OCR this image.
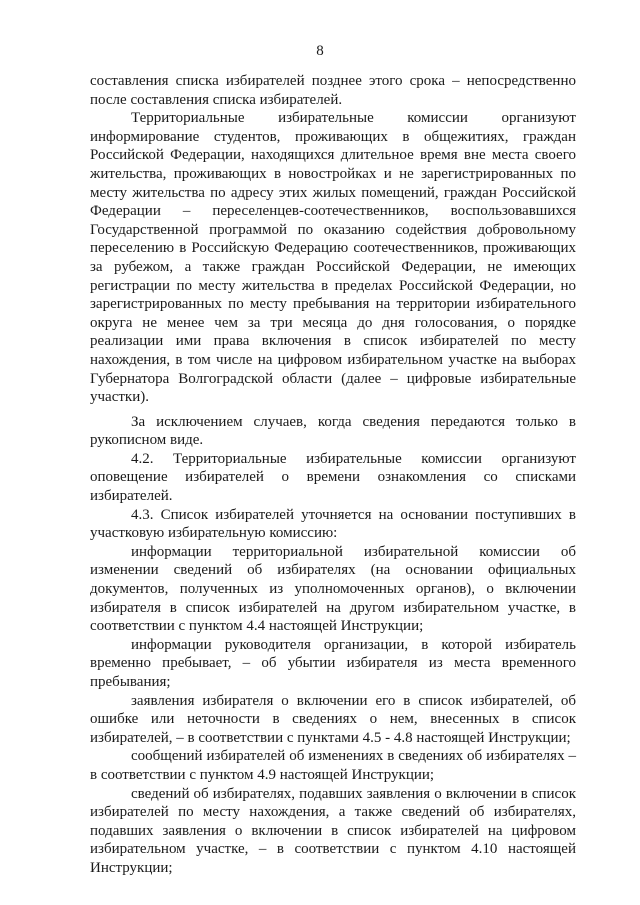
8

составления списка избирателей позднее этого срока – непосредственно после составления списка избирателей.

Территориальные избирательные комиссии организуют информирование студентов, проживающих в общежитиях, граждан Российской Федерации, находящихся длительное время вне места своего жительства, проживающих в новостройках и не зарегистрированных по месту жительства по адресу этих жилых помещений, граждан Российской Федерации – переселенцев-соотечественников, воспользовавшихся Государственной программой по оказанию содействия добровольному переселению в Российскую Федерацию соотечественников, проживающих за рубежом, а также граждан Российской Федерации, не имеющих регистрации по месту жительства в пределах Российской Федерации, но зарегистрированных по месту пребывания на территории избирательного округа не менее чем за три месяца до дня голосования, о порядке реализации ими права включения в список избирателей по месту нахождения, в том числе на цифровом избирательном участке на выборах Губернатора Волгоградской области (далее – цифровые избирательные участки).

За исключением случаев, когда сведения передаются только в рукописном виде.

4.2. Территориальные избирательные комиссии организуют оповещение избирателей о времени ознакомления со списками избирателей.

4.3. Список избирателей уточняется на основании поступивших в участковую избирательную комиссию:

информации территориальной избирательной комиссии об изменении сведений об избирателях (на основании официальных документов, полученных из уполномоченных органов), о включении избирателя в список избирателей на другом избирательном участке, в соответствии с пунктом 4.4 настоящей Инструкции;

информации руководителя организации, в которой избиратель временно пребывает, – об убытии избирателя из места временного пребывания;

заявления избирателя о включении его в список избирателей, об ошибке или неточности в сведениях о нем, внесенных в список избирателей, – в соответствии с пунктами 4.5 - 4.8 настоящей Инструкции;

сообщений избирателей об изменениях в сведениях об избирателях – в соответствии с пунктом 4.9 настоящей Инструкции;

сведений об избирателях, подавших заявления о включении в список избирателей по месту нахождения, а также сведений об избирателях, подавших заявления о включении в список избирателей на цифровом избирательном участке, – в соответствии с пунктом 4.10 настоящей Инструкции;
